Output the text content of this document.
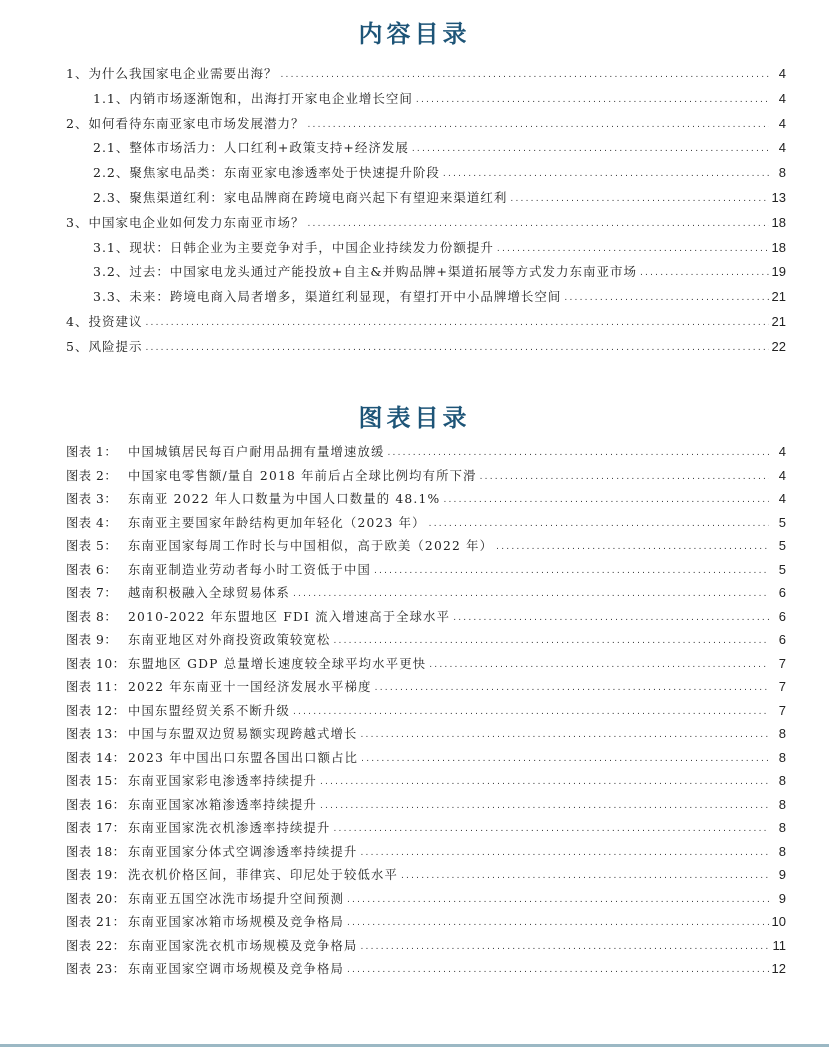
内容目录
1、为什么我国家电企业需要出海？ .....	4
1.1、内销市场逐渐饱和，出海打开家电企业增长空间 .....	4
2、如何看待东南亚家电市场发展潜力？ .....	4
2.1、整体市场活力：人口红利+政策支持+经济发展 .....	4
2.2、聚焦家电品类：东南亚家电渗透率处于快速提升阶段 .....	8
2.3、聚焦渠道红利：家电品牌商在跨境电商兴起下有望迎来渠道红利 .....	13
3、中国家电企业如何发力东南亚市场？ .....	18
3.1、现状：日韩企业为主要竞争对手，中国企业持续发力份额提升 .....	18
3.2、过去：中国家电龙头通过产能投放+自主&并购品牌+渠道拓展等方式发力东南亚市场 .....	19
3.3、未来：跨境电商入局者增多，渠道红利显现，有望打开中小品牌增长空间 .....	21
4、投资建议 .....	21
5、风险提示 .....	22
图表目录
图表 1： 中国城镇居民每百户耐用品拥有量增速放缓 .....	4
图表 2： 中国家电零售额/量自 2018 年前后占全球比例均有所下滑 .....	4
图表 3： 东南亚 2022 年人口数量为中国人口数量的 48.1% .....	4
图表 4： 东南亚主要国家年龄结构更加年轻化（2023 年） .....	5
图表 5： 东南亚国家每周工作时长与中国相似，高于欧美（2022 年） .....	5
图表 6： 东南亚制造业劳动者每小时工资低于中国 .....	5
图表 7： 越南积极融入全球贸易体系 .....	6
图表 8： 2010-2022 年东盟地区 FDI 流入增速高于全球水平 .....	6
图表 9： 东南亚地区对外商投资政策较宽松 .....	6
图表 10： 东盟地区 GDP 总量增长速度较全球平均水平更快 .....	7
图表 11： 2022 年东南亚十一国经济发展水平梯度 .....	7
图表 12： 中国东盟经贸关系不断升级 .....	7
图表 13： 中国与东盟双边贸易额实现跨越式增长 .....	8
图表 14： 2023 年中国出口东盟各国出口额占比 .....	8
图表 15： 东南亚国家彩电渗透率持续提升 .....	8
图表 16： 东南亚国家冰箱渗透率持续提升 .....	8
图表 17： 东南亚国家洗衣机渗透率持续提升 .....	8
图表 18： 东南亚国家分体式空调渗透率持续提升 .....	8
图表 19： 洗衣机价格区间，菲律宾、印尼处于较低水平 .....	9
图表 20： 东南亚五国空冰洗市场提升空间预测 .....	9
图表 21： 东南亚国家冰箱市场规模及竞争格局 .....	10
图表 22： 东南亚国家洗衣机市场规模及竞争格局 .....	11
图表 23： 东南亚国家空调市场规模及竞争格局 .....	12
